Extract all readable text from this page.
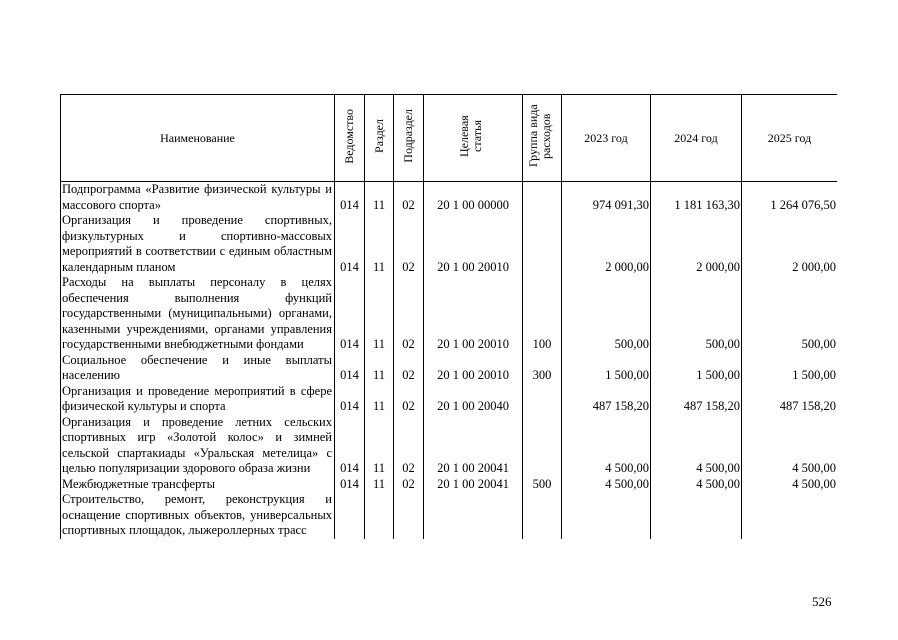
Наименование	Ведомство	Раздел	Подраздел	Целевая статья	Группа вида расходов	2023 год	2024 год	2025 год
Подпрограмма «Развитие физической культуры и массового спорта»	014	11	02	20 1 00 00000		974 091,30	1 181 163,30	1 264 076,50
Организация и проведение спортивных, физкультурных и спортивно-массовых мероприятий в соответствии с единым областным календарным планом	014	11	02	20 1 00 20010		2 000,00	2 000,00	2 000,00
Расходы на выплаты персоналу в целях обеспечения выполнения функций государственными (муниципальными) органами, казенными учреждениями, органами управления государственными внебюджетными фондами	014	11	02	20 1 00 20010	100	500,00	500,00	500,00
Социальное обеспечение и иные выплаты населению	014	11	02	20 1 00 20010	300	1 500,00	1 500,00	1 500,00
Организация и проведение мероприятий в сфере физической культуры и спорта	014	11	02	20 1 00 20040		487 158,20	487 158,20	487 158,20
Организация и проведение летних сельских спортивных игр «Золотой колос» и зимней сельской спартакиады «Уральская метелица» с целью популяризации здорового образа жизни	014	11	02	20 1 00 20041		4 500,00	4 500,00	4 500,00
Межбюджетные трансферты	014	11	02	20 1 00 20041	500	4 500,00	4 500,00	4 500,00
Строительство, ремонт, реконструкция и оснащение спортивных объектов, универсальных спортивных площадок, лыжероллерных трасс								
526
